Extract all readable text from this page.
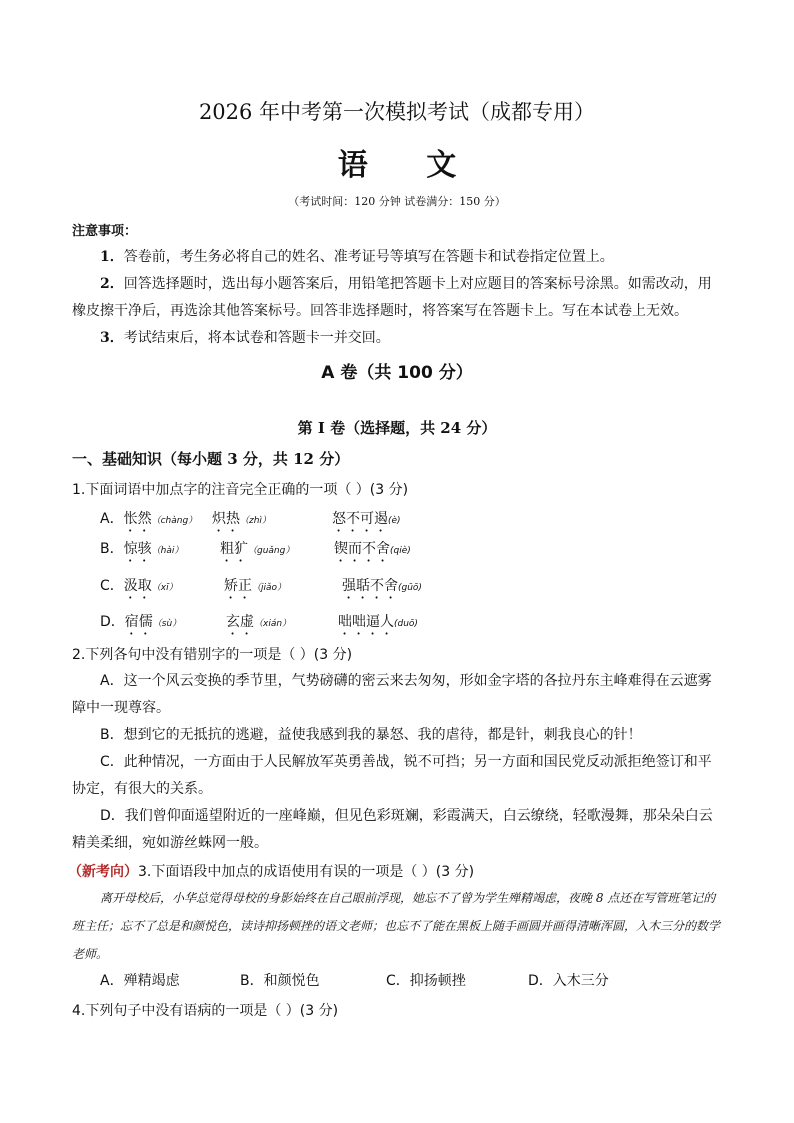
2026 年中考第一次模拟考试（成都专用）
语 文
（考试时间：120 分钟 试卷满分：150 分）
注意事项：
1．答卷前，考生务必将自己的姓名、准考证号等填写在答题卡和试卷指定位置上。
2．回答选择题时，选出每小题答案后，用铅笔把答题卡上对应题目的答案标号涂黑。如需改动，用橡皮擦干净后，再选涂其他答案标号。回答非选择题时，将答案写在答题卡上。写在本试卷上无效。
3．考试结束后，将本试卷和答题卡一并交回。
A 卷（共 100 分）
第 I 卷（选择题，共 24 分）
一、基础知识（每小题 3 分，共 12 分）
1.下面词语中加点字的注音完全正确的一项（ ）(3 分)
A．怅然（chàng） 炽热（zhì）	怒不可遏(è)
B．惊骇（hài）	粗犷（guǎng）	锲而不舍(qiè)
C．汲取（xī）	矫正（jiǎo）	强聒不舍(gūō)
D．宿儒（sù）	玄虚（xián）	咄咄逼人(duō)
2.下列各句中没有错别字的一项是（ ）(3 分)
A．这一个风云变换的季节里，气势磅礴的密云来去匆匆，形如金字塔的各拉丹东主峰难得在云遮雾障中一现尊容。
B．想到它的无抵抗的逃避，益使我感到我的暴怒、我的虐待，都是针，刺我良心的针！
C．此种情况，一方面由于人民解放军英勇善战，锐不可挡；另一方面和国民党反动派拒绝签订和平协定，有很大的关系。
D．我们曾仰面遥望附近的一座峰巅，但见色彩斑斓，彩霞满天，白云缭绕，轻歌漫舞，那朵朵白云精美柔细，宛如游丝蛛网一般。
（新考向）3.下面语段中加点的成语使用有误的一项是（ ）(3 分)
离开母校后，小华总觉得母校的身影始终在自己眼前浮现，她忘不了曾为学生殚精竭虑，夜晚 8 点还在写管班笔记的班主任；忘不了总是和颜悦色，读诗抑扬顿挫的语文老师；也忘不了能在黑板上随手画圆并画得清晰浑圆，入木三分的数学老师。
A．殚精竭虑	B．和颜悦色	C．抑扬顿挫	D．入木三分
4.下列句子中没有语病的一项是（ ）(3 分)
